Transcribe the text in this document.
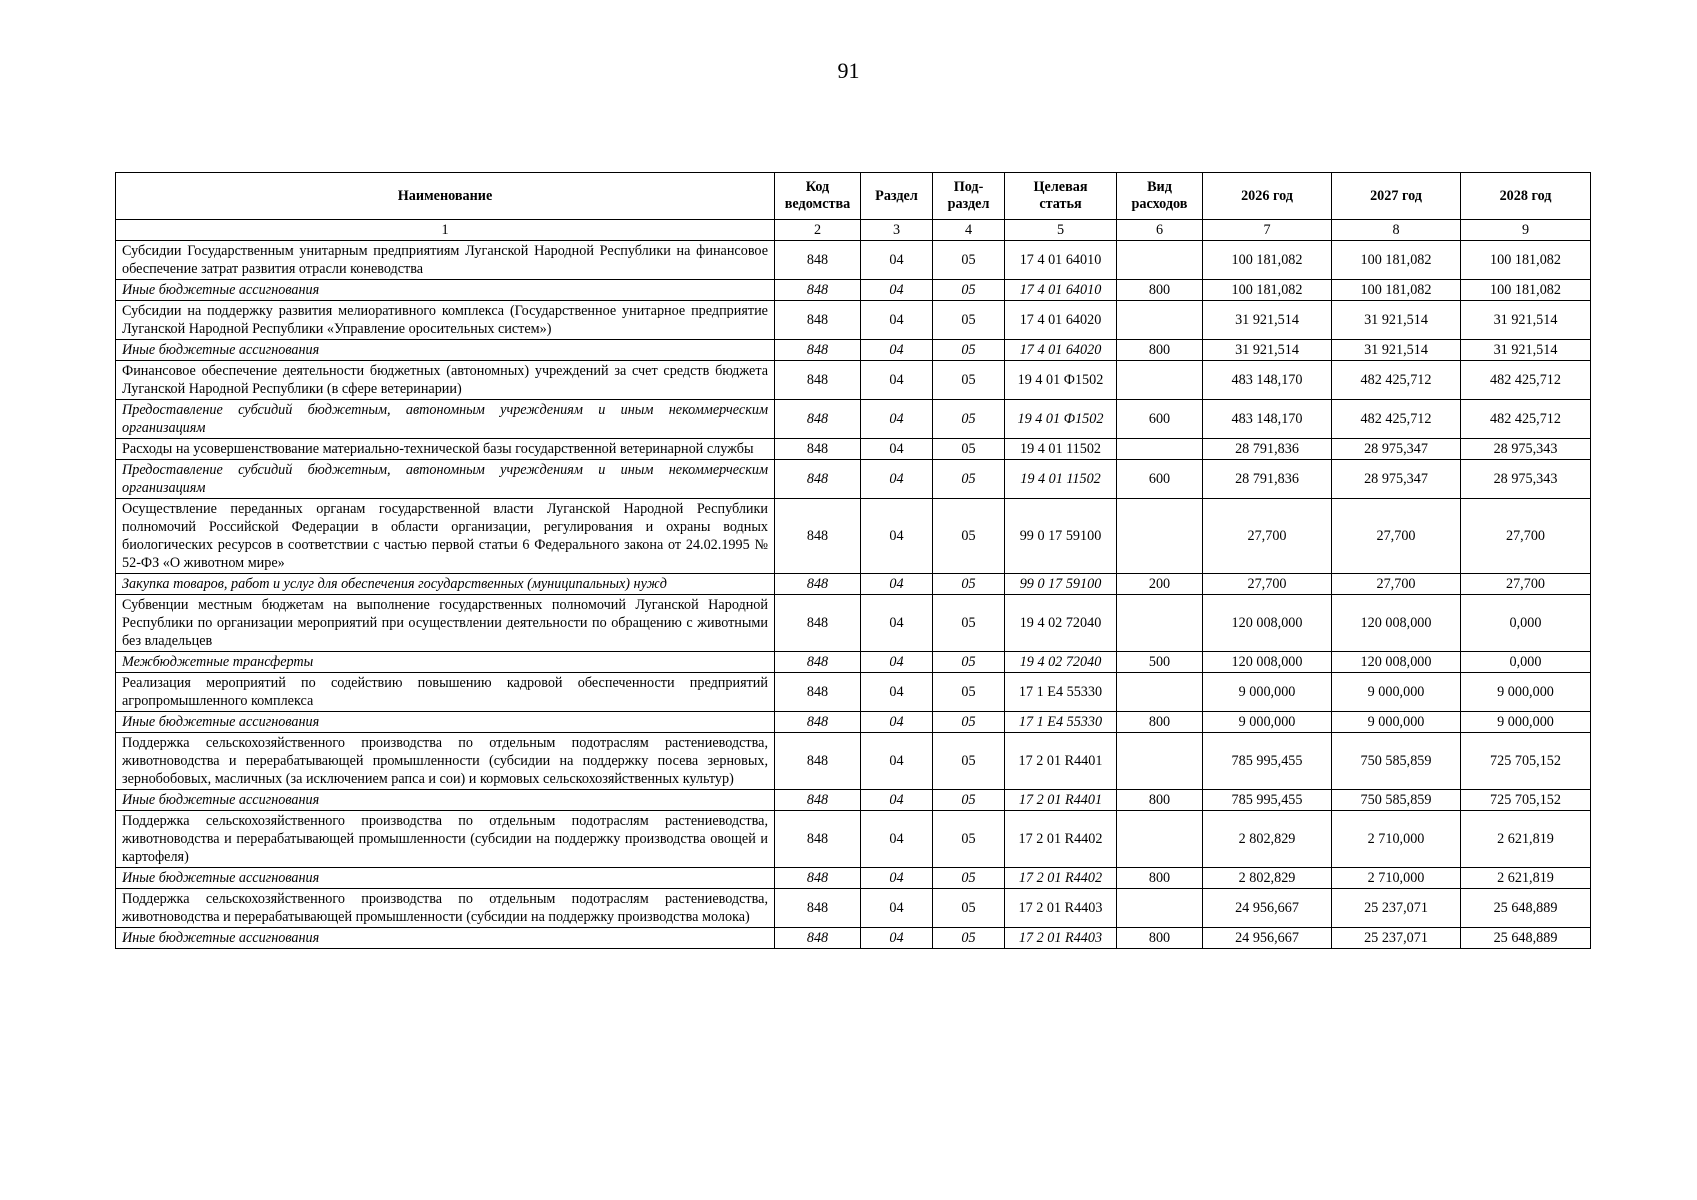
91
Наименование	Код ведомства	Раздел	Под-раздел	Целевая статья	Вид расходов	2026 год	2027 год	2028 год
1	2	3	4	5	6	7	8	9
Субсидии Государственным унитарным предприятиям Луганской Народной Республики на финансовое обеспечение затрат развития отрасли коневодства	848	04	05	17 4 01 64010		100 181,082	100 181,082	100 181,082
Иные бюджетные ассигнования	848	04	05	17 4 01 64010	800	100 181,082	100 181,082	100 181,082
Субсидии на поддержку развития мелиоративного комплекса (Государственное унитарное предприятие Луганской Народной Республики «Управление оросительных систем»)	848	04	05	17 4 01 64020		31 921,514	31 921,514	31 921,514
Иные бюджетные ассигнования	848	04	05	17 4 01 64020	800	31 921,514	31 921,514	31 921,514
Финансовое обеспечение деятельности бюджетных (автономных) учреждений за счет средств бюджета Луганской Народной Республики (в сфере ветеринарии)	848	04	05	19 4 01 Ф1502		483 148,170	482 425,712	482 425,712
Предоставление субсидий бюджетным, автономным учреждениям и иным некоммерческим организациям	848	04	05	19 4 01 Ф1502	600	483 148,170	482 425,712	482 425,712
Расходы на усовершенствование материально-технической базы государственной ветеринарной службы	848	04	05	19 4 01 11502		28 791,836	28 975,347	28 975,343
Предоставление субсидий бюджетным, автономным учреждениям и иным некоммерческим организациям	848	04	05	19 4 01 11502	600	28 791,836	28 975,347	28 975,343
Осуществление переданных органам государственной власти Луганской Народной Республики полномочий Российской Федерации в области организации, регулирования и охраны водных биологических ресурсов в соответствии с частью первой статьи 6 Федерального закона от 24.02.1995 № 52-ФЗ «О животном мире»	848	04	05	99 0 17 59100		27,700	27,700	27,700
Закупка товаров, работ и услуг для обеспечения государственных (муниципальных) нужд	848	04	05	99 0 17 59100	200	27,700	27,700	27,700
Субвенции местным бюджетам на выполнение государственных полномочий Луганской Народной Республики по организации мероприятий при осуществлении деятельности по обращению с животными без владельцев	848	04	05	19 4 02 72040		120 008,000	120 008,000	0,000
Межбюджетные трансферты	848	04	05	19 4 02 72040	500	120 008,000	120 008,000	0,000
Реализация мероприятий по содействию повышению кадровой обеспеченности предприятий агропромышленного комплекса	848	04	05	17 1 Е4 55330		9 000,000	9 000,000	9 000,000
Иные бюджетные ассигнования	848	04	05	17 1 Е4 55330	800	9 000,000	9 000,000	9 000,000
Поддержка сельскохозяйственного производства по отдельным подотраслям растениеводства, животноводства и перерабатывающей промышленности (субсидии на поддержку посева зерновых, зернобобовых, масличных (за исключением рапса и сои) и кормовых сельскохозяйственных культур)	848	04	05	17 2 01 R4401		785 995,455	750 585,859	725 705,152
Иные бюджетные ассигнования	848	04	05	17 2 01 R4401	800	785 995,455	750 585,859	725 705,152
Поддержка сельскохозяйственного производства по отдельным подотраслям растениеводства, животноводства и перерабатывающей промышленности (субсидии на поддержку производства овощей и картофеля)	848	04	05	17 2 01 R4402		2 802,829	2 710,000	2 621,819
Иные бюджетные ассигнования	848	04	05	17 2 01 R4402	800	2 802,829	2 710,000	2 621,819
Поддержка сельскохозяйственного производства по отдельным подотраслям растениеводства, животноводства и перерабатывающей промышленности (субсидии на поддержку производства молока)	848	04	05	17 2 01 R4403		24 956,667	25 237,071	25 648,889
Иные бюджетные ассигнования	848	04	05	17 2 01 R4403	800	24 956,667	25 237,071	25 648,889
